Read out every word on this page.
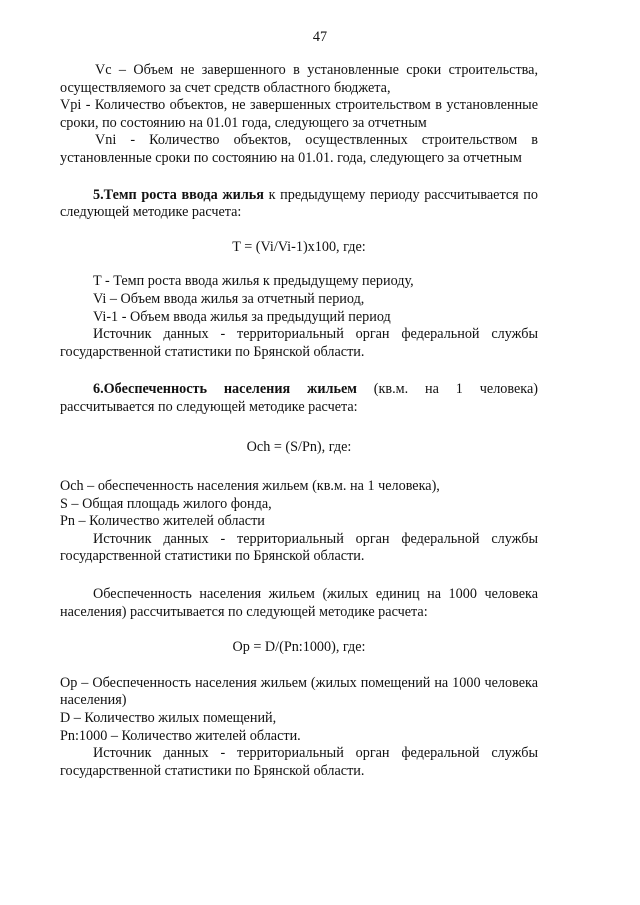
47

Vc – Объем не завершенного в установленные сроки строительства,

осуществляемого за счет средств областного бюджета,

Vpi - Количество объектов, не завершенных строительством в установленные

сроки, по состоянию на 01.01 года, следующего за отчетным

Vni - Количество объектов, осуществленных строительством в

установленные сроки по состоянию на 01.01. года, следующего за отчетным

5.Темп роста ввода жилья к предыдущему периоду рассчитывается по

следующей методике расчета:

T = (Vi/Vi-1)x100, где:

T - Темп роста ввода жилья к предыдущему периоду,

Vi – Объем ввода жилья за отчетный период,

Vi-1 - Объем ввода жилья за предыдущий период

Источник данных - территориальный орган федеральной службы

государственной статистики по Брянской области.

6.Обеспеченность населения жильем (кв.м. на 1 человека)

рассчитывается по следующей методике расчета:

Och = (S/Pn), где:

Och – обеспеченность населения жильем (кв.м. на 1 человека),

S – Общая площадь жилого фонда,

Pn – Количество жителей области

Источник данных - территориальный орган федеральной службы

государственной статистики по Брянской области.

Обеспеченность населения жильем (жилых единиц на 1000 человека

населения) рассчитывается по следующей методике расчета:

Op = D/(Pn:1000), где:

Op – Обеспеченность населения жильем (жилых помещений на 1000 человека

населения)

D – Количество жилых помещений,

Pn:1000 – Количество жителей области.

Источник данных - территориальный орган федеральной службы

государственной статистики по Брянской области.
